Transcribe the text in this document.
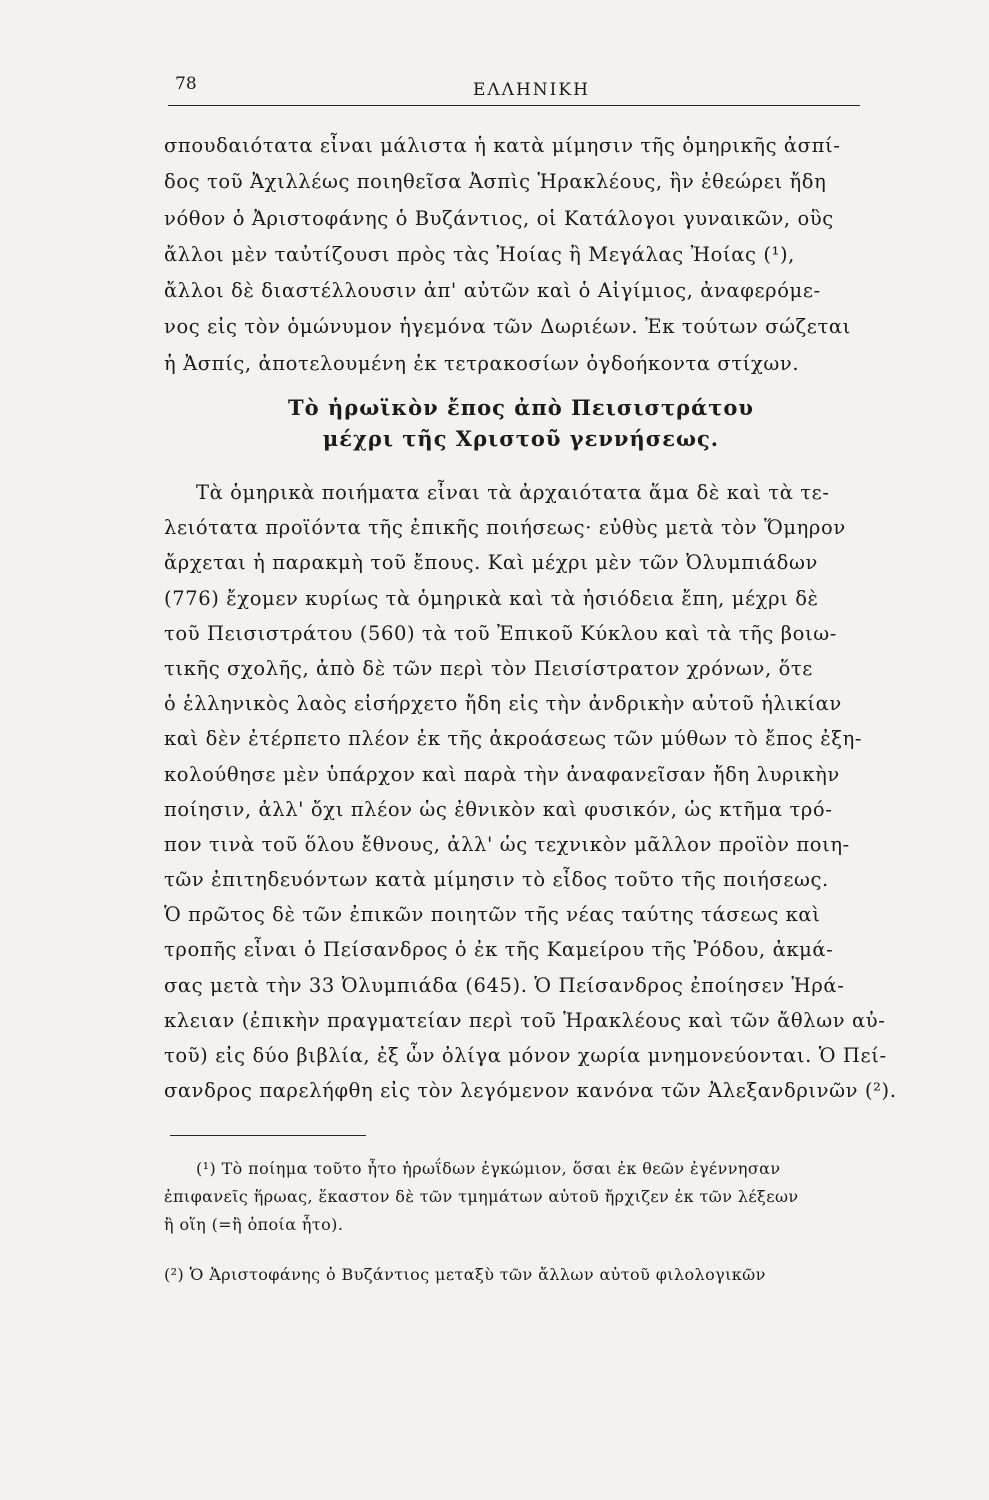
78	ΕΛΛΗΝΙΚΗ
σπουδαιότατα εἶναι μάλιστα ἡ κατὰ μίμησιν τῆς ὁμηρικῆς ἀσπί-
δος τοῦ Ἀχιλλέως ποιηθεῖσα Ἀσπὶς Ἡρακλέους, ἣν ἐθεώρει ἤδη
νόθον ὁ Ἀριστοφάνης ὁ Βυζάντιος, οἱ Κατάλογοι γυναικῶν, οὓς
ἄλλοι μὲν ταὐτίζουσι πρὸς τὰς Ἠοίας ἢ Μεγάλας Ἠοίας (¹),
ἄλλοι δὲ διαστέλλουσιν ἀπ' αὐτῶν καὶ ὁ Αἰγίμιος, ἀναφερόμε-
νος εἰς τὸν ὁμώνυμον ἡγεμόνα τῶν Δωριέων. Ἐκ τούτων σώζεται
ἡ Ἀσπίς, ἀποτελουμένη ἐκ τετρακοσίων ὀγδοήκοντα στίχων.
Τὸ ἡρωϊκὸν ἔπος ἀπὸ Πεισιστράτου
μέχρι τῆς Χριστοῦ γεννήσεως.
Τὰ ὁμηρικὰ ποιήματα εἶναι τὰ ἀρχαιότατα ἅμα δὲ καὶ τὰ τε-
λειότατα προϊόντα τῆς ἐπικῆς ποιήσεως· εὐθὺς μετὰ τὸν Ὅμηρον
ἄρχεται ἡ παρακμὴ τοῦ ἔπους. Καὶ μέχρι μὲν τῶν Ὀλυμπιάδων
(776) ἔχομεν κυρίως τὰ ὁμηρικὰ καὶ τὰ ἡσιόδεια ἔπη, μέχρι δὲ
τοῦ Πεισιστράτου (560) τὰ τοῦ Ἐπικοῦ Κύκλου καὶ τὰ τῆς βοιω-
τικῆς σχολῆς, ἀπὸ δὲ τῶν περὶ τὸν Πεισίστρατον χρόνων, ὅτε
ὁ ἑλληνικὸς λαὸς εἰσήρχετο ἤδη εἰς τὴν ἀνδρικὴν αὐτοῦ ἡλικίαν
καὶ δὲν ἐτέρπετο πλέον ἐκ τῆς ἀκροάσεως τῶν μύθων τὸ ἔπος ἐξη-
κολούθησε μὲν ὑπάρχον καὶ παρὰ τὴν ἀναφανεῖσαν ἤδη λυρικὴν
ποίησιν, ἀλλ' ὄχι πλέον ὡς ἐθνικὸν καὶ φυσικόν, ὡς κτῆμα τρό-
πον τινὰ τοῦ ὅλου ἔθνους, ἀλλ' ὡς τεχνικὸν μᾶλλον προϊὸν ποιη-
τῶν ἐπιτηδευόντων κατὰ μίμησιν τὸ εἶδος τοῦτο τῆς ποιήσεως.
Ὁ πρῶτος δὲ τῶν ἐπικῶν ποιητῶν τῆς νέας ταύτης τάσεως καὶ
τροπῆς εἶναι ὁ Πείσανδρος ὁ ἐκ τῆς Καμείρου τῆς Ῥόδου, ἀκμά-
σας μετὰ τὴν 33 Ὀλυμπιάδα (645). Ὁ Πείσανδρος ἐποίησεν Ἡρά-
κλειαν (ἐπικὴν πραγματείαν περὶ τοῦ Ἡρακλέους καὶ τῶν ἄθλων αὐ-
τοῦ) εἰς δύο βιβλία, ἐξ ὧν ὀλίγα μόνον χωρία μνημονεύονται. Ὁ Πεί-
σανδρος παρελήφθη εἰς τὸν λεγόμενον κανόνα τῶν Ἀλεξανδρινῶν (²).
(¹) Τὸ ποίημα τοῦτο ἦτο ἡρωΐδων ἐγκώμιον, ὅσαι ἐκ θεῶν ἐγέννησαν
ἐπιφανεῖς ἥρωας, ἕκαστον δὲ τῶν τμημάτων αὐτοῦ ἤρχιζεν ἐκ τῶν λέξεων
ἢ οἵη (=ἢ ὁποία ἦτο).
(²) Ὁ Ἀριστοφάνης ὁ Βυζάντιος μεταξὺ τῶν ἄλλων αὐτοῦ φιλολογικῶν
